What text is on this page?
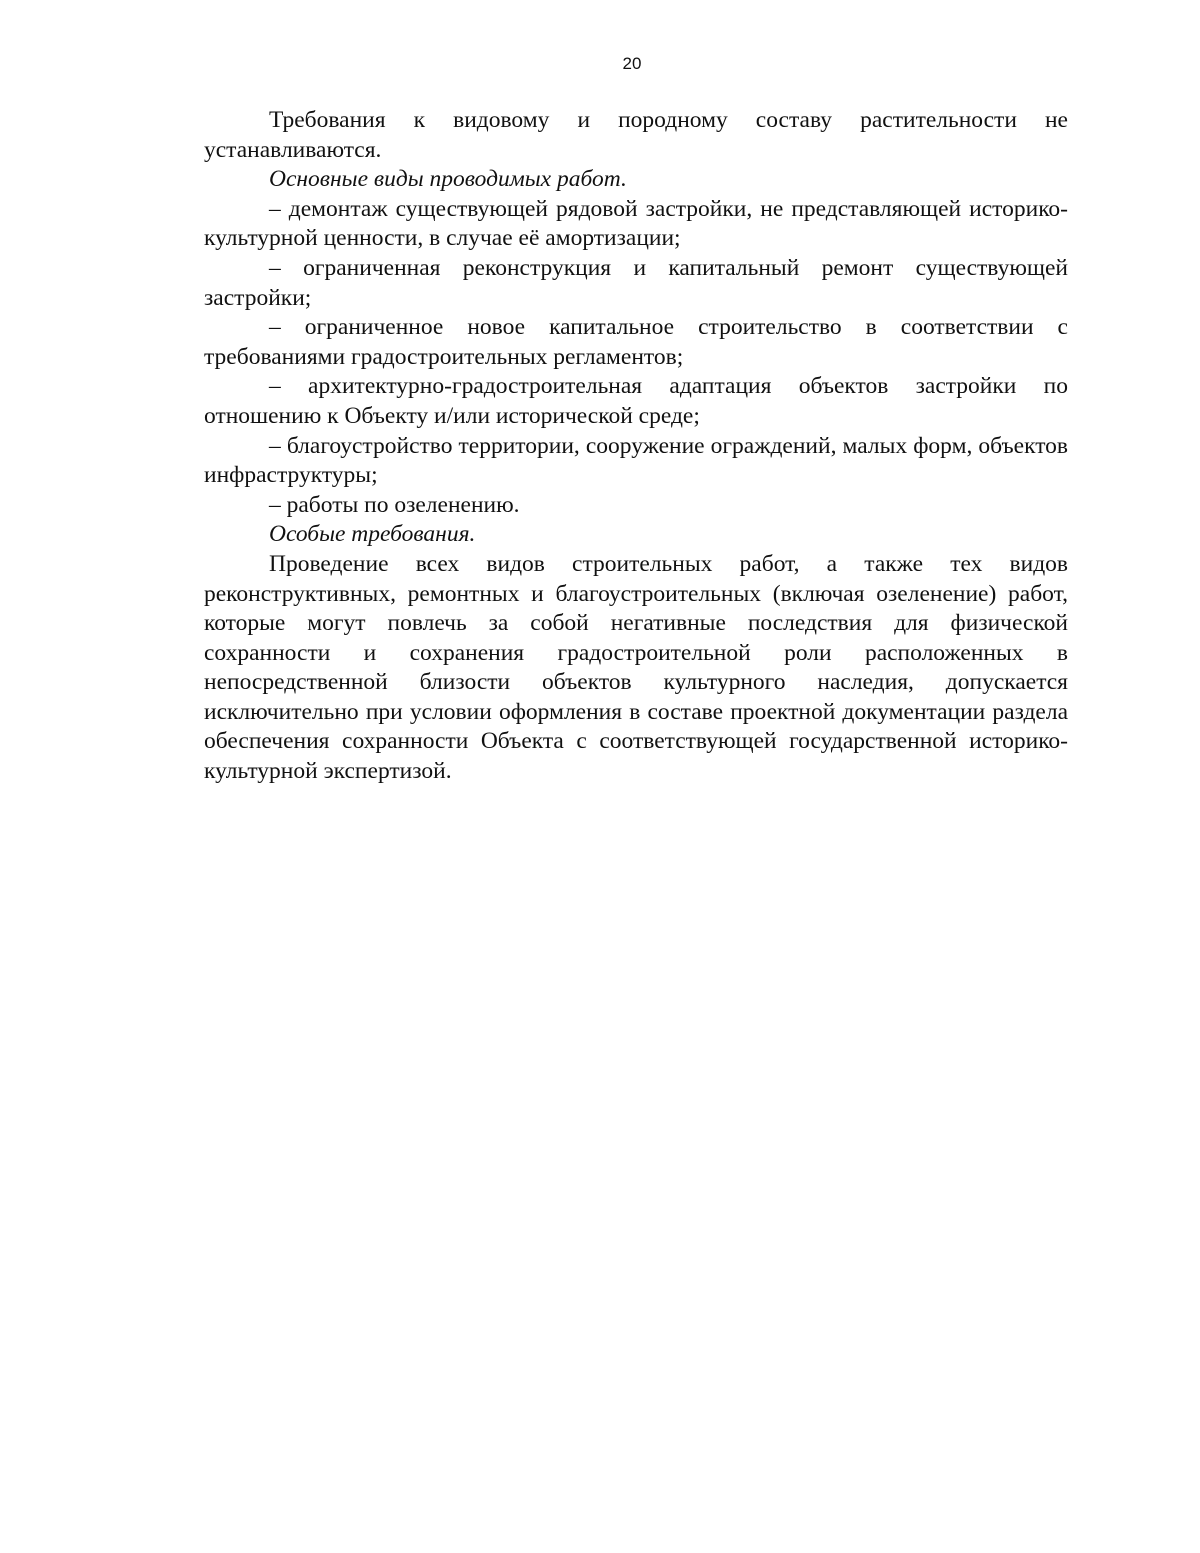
20

Требования к видовому и породному составу растительности не устанавливаются.

Основные виды проводимых работ.

– демонтаж существующей рядовой застройки, не представляющей историко-культурной ценности, в случае её амортизации;

– ограниченная реконструкция и капитальный ремонт существующей застройки;

– ограниченное новое капитальное строительство в соответствии с требованиями градостроительных регламентов;

– архитектурно-градостроительная адаптация объектов застройки по отношению к Объекту и/или исторической среде;

– благоустройство территории, сооружение ограждений, малых форм, объектов инфраструктуры;

– работы по озеленению.

Особые требования.

Проведение всех видов строительных работ, а также тех видов реконструктивных, ремонтных и благоустроительных (включая озеленение) работ, которые могут повлечь за собой негативные последствия для физической сохранности и сохранения градостроительной роли расположенных в непосредственной близости объектов культурного наследия, допускается исключительно при условии оформления в составе проектной документации раздела обеспечения сохранности Объекта с соответствующей государственной историко-культурной экспертизой.
